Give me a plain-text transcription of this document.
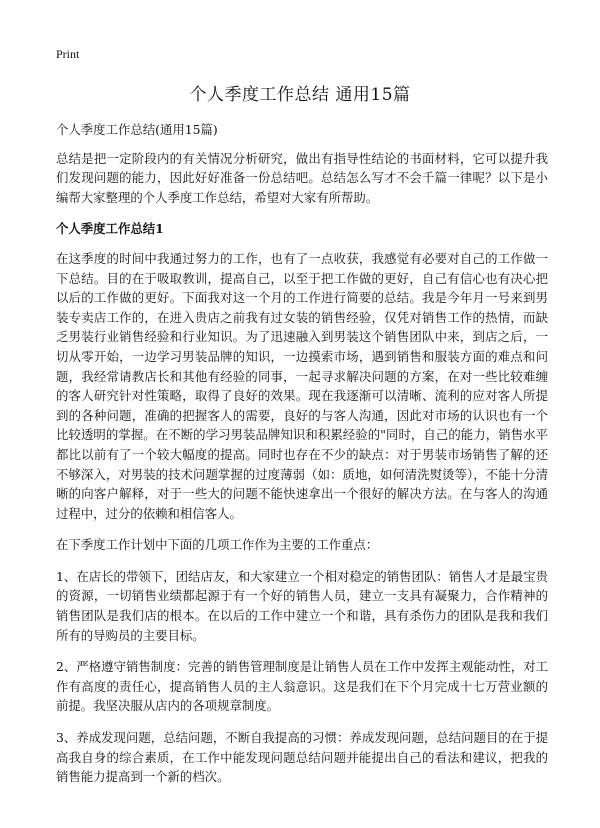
Print
个人季度工作总结 通用15篇

个人季度工作总结(通用15篇)

总结是把一定阶段内的有关情况分析研究，做出有指导性结论的书面材料，它可以提升我们发现问题的能力，因此好好准备一份总结吧。总结怎么写才不会千篇一律呢？以下是小编帮大家整理的个人季度工作总结，希望对大家有所帮助。

个人季度工作总结1

在这季度的时间中我通过努力的工作，也有了一点收获，我感觉有必要对自己的工作做一下总结。目的在于吸取教训，提高自己，以至于把工作做的更好，自己有信心也有决心把以后的工作做的更好。下面我对这一个月的工作进行简要的总结。我是今年月一号来到男装专卖店工作的，在进入贵店之前我有过女装的销售经验，仅凭对销售工作的热情，而缺乏男装行业销售经验和行业知识。为了迅速融入到男装这个销售团队中来，到店之后，一切从零开始，一边学习男装品牌的知识，一边摸索市场，遇到销售和服装方面的难点和问题，我经常请教店长和其他有经验的同事，一起寻求解决问题的方案，在对一些比较难缠的客人研究针对性策略，取得了良好的效果。现在我逐渐可以清晰、流利的应对客人所提到的各种问题，准确的把握客人的需要，良好的与客人沟通，因此对市场的认识也有一个比较透明的掌握。在不断的学习男装品牌知识和积累经验的"同时，自己的能力，销售水平都比以前有了一个较大幅度的提高。同时也存在不少的缺点：对于男装市场销售了解的还不够深入，对男装的技术问题掌握的过度薄弱（如：质地，如何清洗熨烫等），不能十分清晰的向客户解释，对于一些大的问题不能快速拿出一个很好的解决方法。在与客人的沟通过程中，过分的依赖和相信客人。

在下季度工作计划中下面的几项工作作为主要的工作重点：

1、在店长的带领下，团结店友，和大家建立一个相对稳定的销售团队：销售人才是最宝贵的资源，一切销售业绩都起源于有一个好的销售人员，建立一支具有凝聚力，合作精神的销售团队是我们店的根本。在以后的工作中建立一个和谐，具有杀伤力的团队是我和我们所有的导购员的主要目标。

2、严格遵守销售制度：完善的销售管理制度是让销售人员在工作中发挥主观能动性，对工作有高度的责任心，提高销售人员的主人翁意识。这是我们在下个月完成十七万营业额的前提。我坚决服从店内的各项规章制度。

3、养成发现问题，总结问题，不断自我提高的习惯：养成发现问题，总结问题目的在于提高我自身的综合素质，在工作中能发现问题总结问题并能提出自己的看法和建议，把我的销售能力提高到一个新的档次。
